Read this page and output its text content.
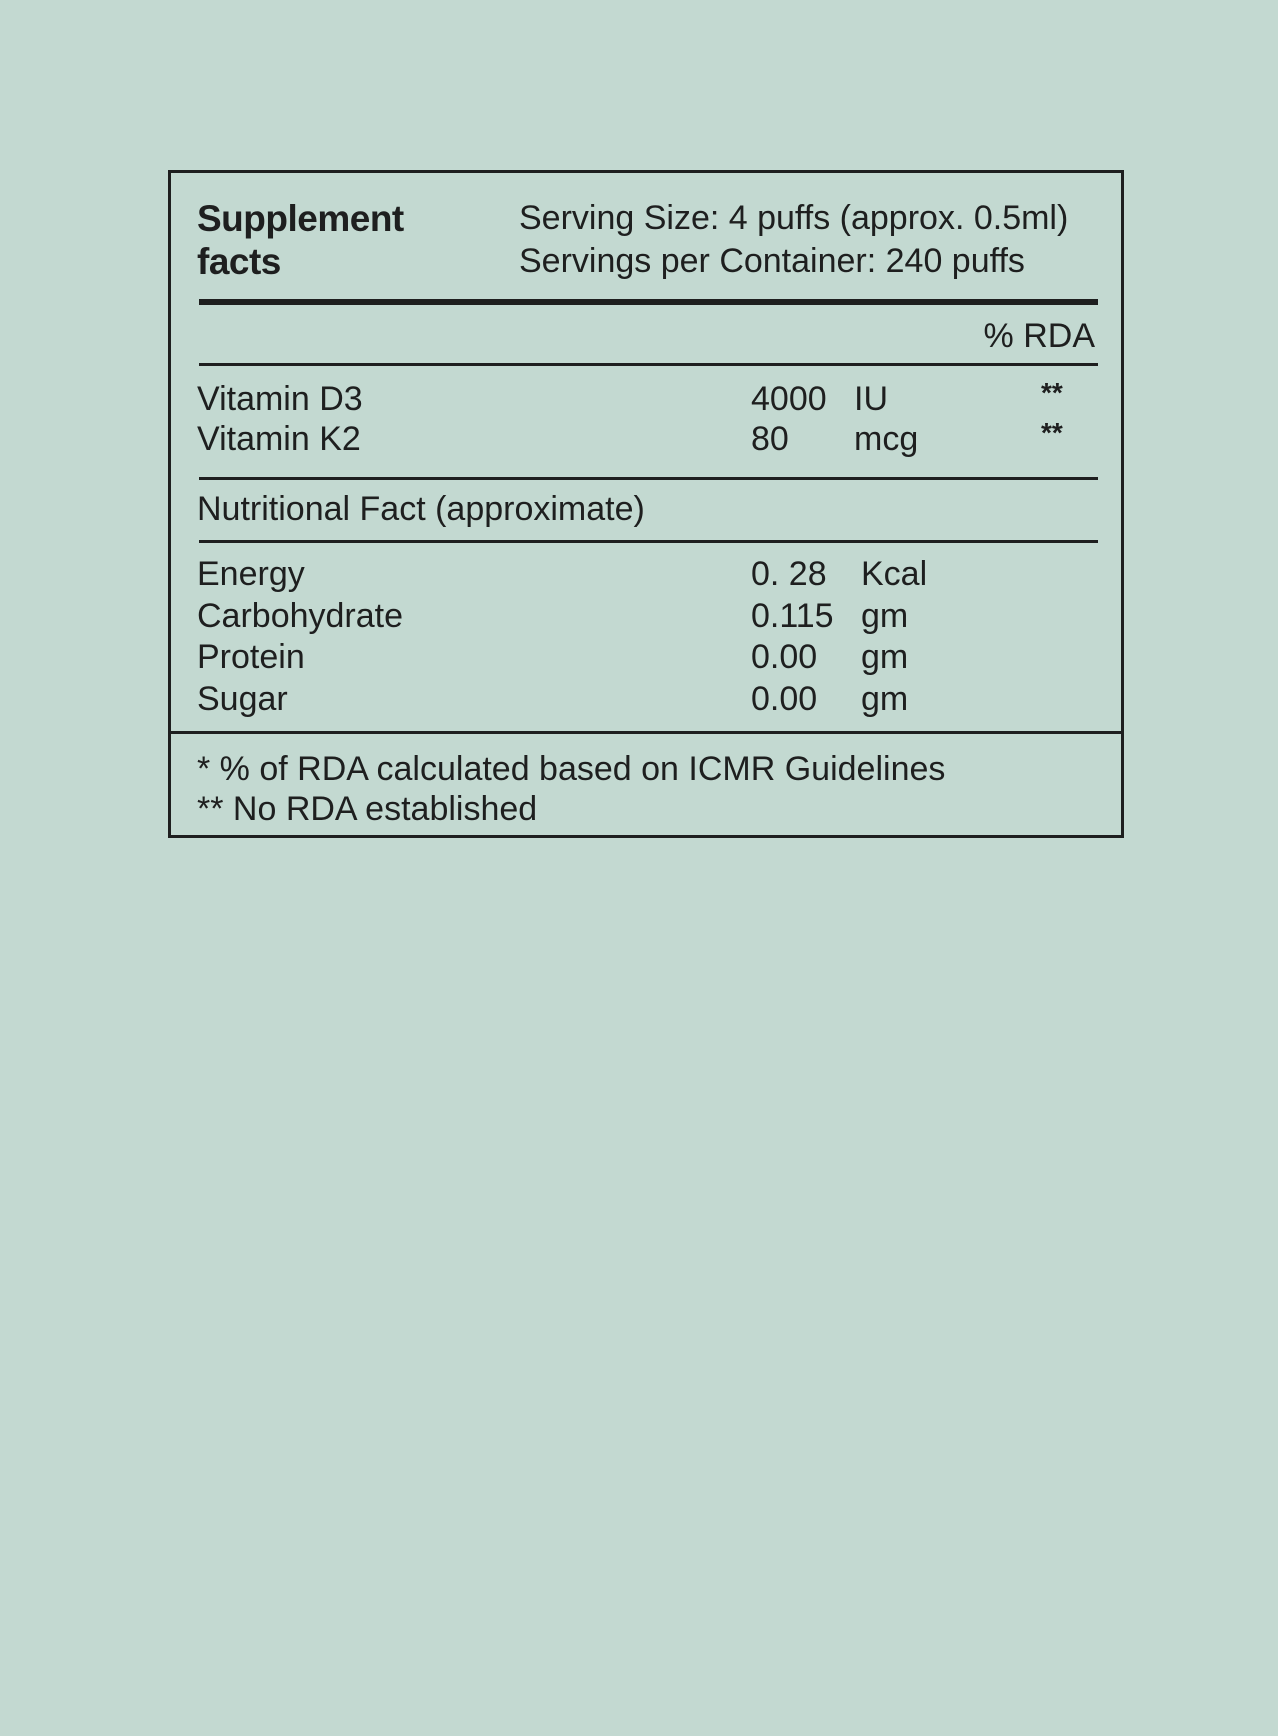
Supplement
facts
Serving Size: 4 puffs (approx. 0.5ml)
Servings per Container: 240 puffs
% RDA
Vitamin D3	4000 IU	**
Vitamin K2	80 mcg	**
Nutritional Fact (approximate)
Energy	0. 28 Kcal
Carbohydrate	0.115 gm
Protein	0.00 gm
Sugar	0.00 gm
* % of RDA calculated based on ICMR Guidelines
** No RDA established
